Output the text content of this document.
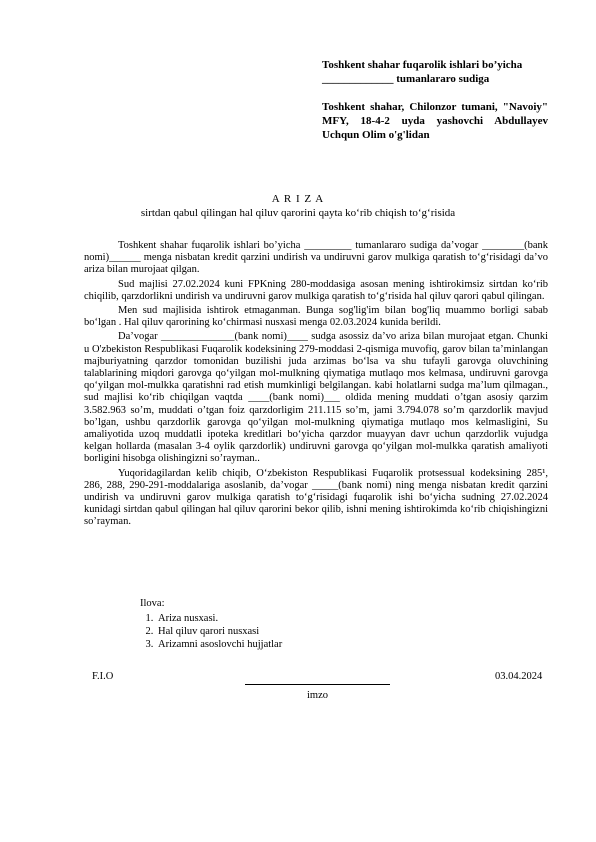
Toshkent shahar fuqarolik ishlari bo’yicha

_____________ tumanlararo sudiga

Toshkent shahar, Chilonzor tumani, "Navoiy" MFY, 18-4-2 uyda yashovchi Abdullayev Uchqun Olim o'g'lidan

A R I Z A
sirtdan qabul qilingan hal qiluv qarorini qayta ko‘rib chiqish to‘g‘risida

Toshkent shahar fuqarolik ishlari bo’yicha _________ tumanlararo sudiga da’vogar ________(bank nomi)______ menga nisbatan kredit qarzini undirish va undiruvni garov mulkiga qaratish to‘g‘risidagi da’vo ariza bilan murojaat qilgan.

Sud majlisi 27.02.2024 kuni FPKning 280-moddasiga asosan mening ishtirokimsiz sirtdan ko‘rib chiqilib, qarzdorlikni undirish va undiruvni garov mulkiga qaratish to‘g‘risida hal qiluv qarori qabul qilingan.

Men sud majlisida ishtirok etmaganman. Bunga sog'lig'im bilan bog'liq muammo borligi sabab bo‘lgan . Hal qiluv qarorining ko‘chirmasi nusxasi menga 02.03.2024 kunida berildi.

Da’vogar ______________(bank nomi)____ sudga asossiz da’vo ariza bilan murojaat etgan. Chunki u O'zbekiston Respublikasi Fuqarolik kodeksining 279-moddasi 2-qismiga muvofiq, garov bilan ta’minlangan majburiyatning qarzdor tomonidan buzilishi juda arzimas bo‘lsa va shu tufayli garovga oluvchining talablarining miqdori garovga qo‘yilgan mol-mulkning qiymatiga mutlaqo mos kelmasa, undiruvni garovga qo‘yilgan mol-mulkka qaratishni rad etish mumkinligi belgilangan. kabi holatlarni sudga ma’lum qilmagan., sud majlisi ko‘rib chiqilgan vaqtda ____(bank nomi)___ oldida mening muddati o’tgan asosiy qarzim 3.582.963 so’m, muddati o’tgan foiz qarzdorligim 211.115 so’m, jami 3.794.078 so’m qarzdorlik mavjud bo’lgan, ushbu qarzdorlik garovga qo‘yilgan mol-mulkning qiymatiga mutlaqo mos kelmasligini, Su amaliyotida uzoq muddatli ipoteka kreditlari bo‘yicha qarzdor muayyan davr uchun qarzdorlik vujudga kelgan hollarda (masalan 3-4 oylik qarzdorlik) undiruvni garovga qo‘yilgan mol-mulkka qaratish amaliyoti borligini hisobga olishingizni so’rayman..

Yuqoridagilardan kelib chiqib, O‘zbekiston Respublikasi Fuqarolik protsessual kodeksining 285¹, 286, 288, 290-291-moddalariga asoslanib, da’vogar _____(bank nomi) ning menga nisbatan kredit qarzini undirish va undiruvni garov mulkiga qaratish to‘g‘risidagi fuqarolik ishi bo‘yicha sudning 27.02.2024 kunidagi sirtdan qabul qilingan hal qiluv qarorini bekor qilib, ishni mening ishtirokimda ko‘rib chiqishingizni so’rayman.

Ilova:
1. Ariza nusxasi.
2. Hal qiluv qarori nusxasi
3. Arizamni asoslovchi hujjatlar
F.I.O
imzo
03.04.2024
